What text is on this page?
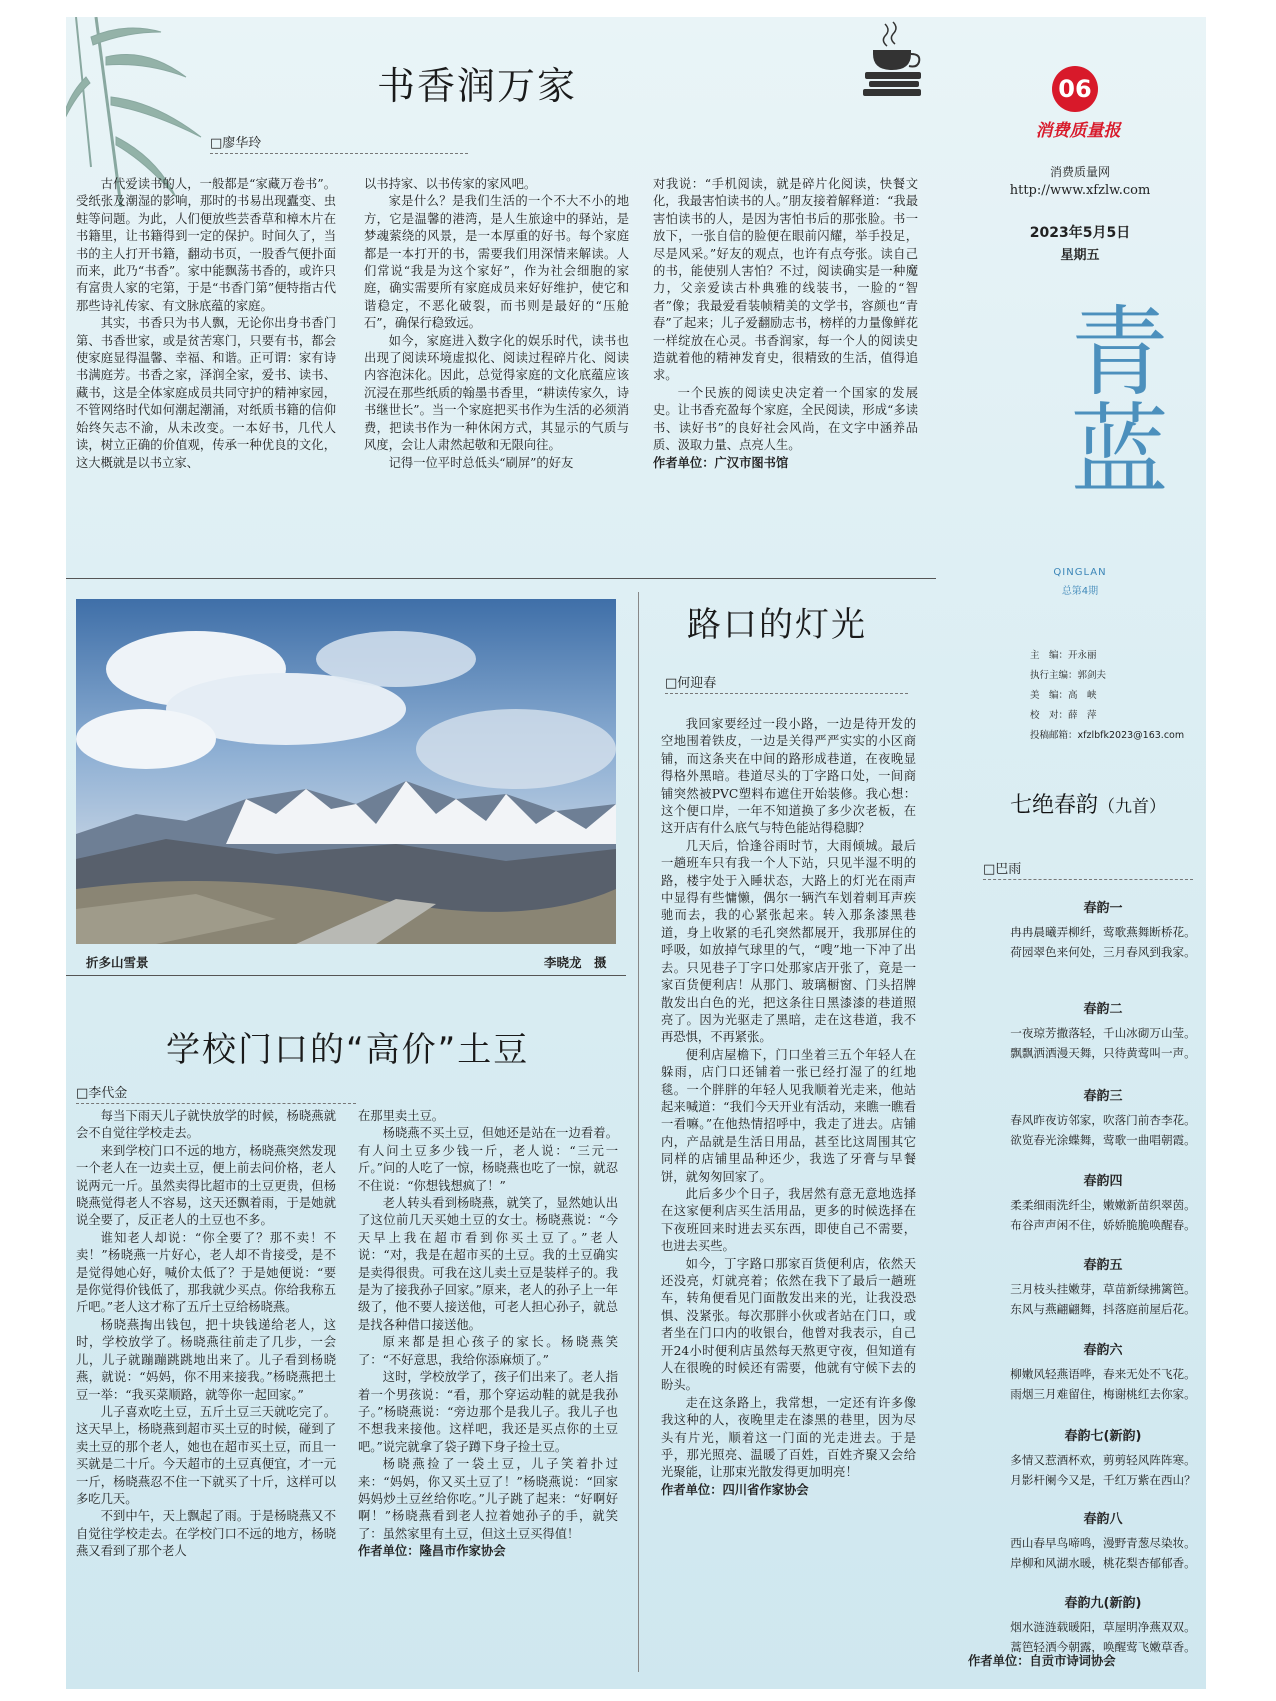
书香润万家
□廖华玲

古代爱读书的人，一般都是“家藏万卷书”。受纸张及潮湿的影响，那时的书易出现蠹变、虫蛀等问题。为此，人们便放些芸香草和樟木片在书籍里，让书籍得到一定的保护。时间久了，当书的主人打开书籍，翻动书页，一股香气便扑面而来，此乃“书香”。家中能飘荡书香的，或许只有富贵人家的宅第，于是“书香门第”便特指古代那些诗礼传家、有文脉底蕴的家庭。

其实，书香只为书人飘，无论你出身书香门第、书香世家，或是贫苦寒门，只要有书，都会使家庭显得温馨、幸福、和谐。正可谓：家有诗书满庭芳。书香之家，泽润全家，爱书、读书、藏书，这是全体家庭成员共同守护的精神家园，不管网络时代如何潮起潮涌，对纸质书籍的信仰始终矢志不渝，从未改变。一本好书，几代人读，树立正确的价值观，传承一种优良的文化，这大概就是以书立家、

以书持家、以书传家的家风吧。

家是什么？是我们生活的一个不大不小的地方，它是温馨的港湾，是人生旅途中的驿站，是梦魂萦绕的风景，是一本厚重的好书。每个家庭都是一本打开的书，需要我们用深情来解读。人们常说“我是为这个家好”，作为社会细胞的家庭，确实需要所有家庭成员来好好维护，使它和谐稳定，不恶化破裂，而书则是最好的“压舱石”，确保行稳致远。

如今，家庭进入数字化的娱乐时代，读书也出现了阅读环境虚拟化、阅读过程碎片化、阅读内容泡沫化。因此，总觉得家庭的文化底蕴应该沉浸在那些纸质的翰墨书香里，“耕读传家久，诗书继世长”。当一个家庭把买书作为生活的必须消费，把读书作为一种休闲方式，其显示的气质与风度，会让人肃然起敬和无限向往。

记得一位平时总低头“刷屏”的好友

对我说：“手机阅读，就是碎片化阅读，快餐文化，我最害怕读书的人。”朋友接着解释道：“我最害怕读书的人，是因为害怕书后的那张脸。书一放下，一张自信的脸便在眼前闪耀，举手投足，尽是风采。”好友的观点，也许有点夸张。读自己的书，能使别人害怕？不过，阅读确实是一种魔力，父亲爱读古朴典雅的线装书，一脸的“智者”像；我最爱看装帧精美的文学书，容颜也“青春”了起来；儿子爱翻励志书，榜样的力量像鲜花一样绽放在心灵。书香润家，每一个人的阅读史造就着他的精神发育史，很精致的生活，值得追求。

一个民族的阅读史决定着一个国家的发展史。让书香充盈每个家庭，全民阅读，形成“多读书、读好书”的良好社会风尚，在文字中涵养品质、汲取力量、点亮人生。

作者单位：广汉市图书馆

06
消费质量报
消费质量网
http://www.xfzlw.com
2023年5月5日
星期五
青蓝
QINGLAN
总第4期
主　编：开永丽
执行主编：郭剑夫
美　编：高　峡
校　对：薛　萍
投稿邮箱：xfzlbfk2023@163.com
折多山雪景	李晓龙　摄
路口的灯光
□何迎春

我回家要经过一段小路，一边是待开发的空地围着铁皮，一边是关得严严实实的小区商铺，而这条夹在中间的路形成巷道，在夜晚显得格外黑暗。巷道尽头的丁字路口处，一间商铺突然被PVC塑料布遮住开始装修。我心想：这个便口岸，一年不知道换了多少次老板，在这开店有什么底气与特色能站得稳脚？

几天后，恰逢谷雨时节，大雨倾城。最后一趟班车只有我一个人下站，只见半湿不明的路，楼宇处于入睡状态，大路上的灯光在雨声中显得有些慵懒，偶尔一辆汽车划着刺耳声疾驰而去，我的心紧张起来。转入那条漆黑巷道，身上收紧的毛孔突然都展开，我那屏住的呼吸，如放掉气球里的气，“嗖”地一下冲了出去。只见巷子丁字口处那家店开张了，竟是一家百货便利店！从那门、玻璃橱窗、门头招牌散发出白色的光，把这条往日黑漆漆的巷道照亮了。因为光驱走了黑暗，走在这巷道，我不再恐惧，不再紧张。

便利店屋檐下，门口坐着三五个年轻人在躲雨，店门口还铺着一张已经打湿了的红地毯。一个胖胖的年轻人见我顺着光走来，他站起来喊道：“我们今天开业有活动，来瞧一瞧看一看嘛。”在他热情招呼中，我走了进去。店铺内，产品就是生活日用品，甚至比这周围其它同样的店铺里品种还少，我选了牙膏与早餐饼，就匆匆回家了。

此后多少个日子，我居然有意无意地选择在这家便利店买生活用品，更多的时候选择在下夜班回来时进去买东西，即使自己不需要，也进去买些。

如今，丁字路口那家百货便利店，依然天还没亮，灯就亮着；依然在我下了最后一趟班车，转角便看见门面散发出来的光，让我没恐惧、没紧张。每次那胖小伙或者站在门口，或者坐在门口内的收银台，他曾对我表示，自己开24小时便利店虽然每天熬更守夜，但知道有人在很晚的时候还有需要，他就有守候下去的盼头。

走在这条路上，我常想，一定还有许多像我这种的人，夜晚里走在漆黑的巷里，因为尽头有片光，顺着这一门面的光走进去。于是乎，那光照亮、温暖了百姓，百姓齐聚又会给光聚能，让那束光散发得更加明亮！

作者单位：四川省作家协会

学校门口的“高价”土豆
□李代金

每当下雨天儿子就快放学的时候，杨晓燕就会不自觉往学校走去。

来到学校门口不远的地方，杨晓燕突然发现一个老人在一边卖土豆，便上前去问价格，老人说两元一斤。虽然卖得比超市的土豆更贵，但杨晓燕觉得老人不容易，这天还飘着雨，于是她就说全要了，反正老人的土豆也不多。

谁知老人却说：“你全要了？那不卖！不卖！”杨晓燕一片好心，老人却不肯接受，是不是觉得她心好，喊价太低了？于是她便说：“要是你觉得价钱低了，那我就少买点。你给我称五斤吧。”老人这才称了五斤土豆给杨晓燕。

杨晓燕掏出钱包，把十块钱递给老人，这时，学校放学了。杨晓燕往前走了几步，一会儿，儿子就蹦蹦跳跳地出来了。儿子看到杨晓燕，就说：“妈妈，你不用来接我。”杨晓燕把土豆一举：“我买菜顺路，就等你一起回家。”

儿子喜欢吃土豆，五斤土豆三天就吃完了。这天早上，杨晓燕到超市买土豆的时候，碰到了卖土豆的那个老人，她也在超市买土豆，而且一买就是二十斤。今天超市的土豆真便宜，才一元一斤，杨晓燕忍不住一下就买了十斤，这样可以多吃几天。

不到中午，天上飘起了雨。于是杨晓燕又不自觉往学校走去。在学校门口不远的地方，杨晓燕又看到了那个老人

在那里卖土豆。

杨晓燕不买土豆，但她还是站在一边看着。有人问土豆多少钱一斤，老人说：“三元一斤。”问的人吃了一惊，杨晓燕也吃了一惊，就忍不住说：“你想钱想疯了！”

老人转头看到杨晓燕，就笑了，显然她认出了这位前几天买她土豆的女士。杨晓燕说：“今天早上我在超市看到你买土豆了。”老人说：“对，我是在超市买的土豆。我的土豆确实是卖得很贵。可我在这儿卖土豆是装样子的。我是为了接我孙子回家。”原来，老人的孙子上一年级了，他不要人接送他，可老人担心孙子，就总是找各种借口接送他。

原来都是担心孩子的家长。杨晓燕笑了：“不好意思，我给你添麻烦了。”

这时，学校放学了，孩子们出来了。老人指着一个男孩说：“看，那个穿运动鞋的就是我孙子。”杨晓燕说：“旁边那个是我儿子。我儿子也不想我来接他。这样吧，我还是买点你的土豆吧。”说完就拿了袋子蹲下身子捡土豆。

杨晓燕捡了一袋土豆，儿子笑着扑过来：“妈妈，你又买土豆了！”杨晓燕说：“回家妈妈炒土豆丝给你吃。”儿子跳了起来：“好啊好啊！”杨晓燕看到老人拉着她孙子的手，就笑了：虽然家里有土豆，但这土豆买得值！

作者单位：隆昌市作家协会

七绝春韵（九首）
□巴雨
春韵一
冉冉晨曦弄柳纤，莺歌燕舞断桥花。
荷园翠色来何处，三月春风到我家。
春韵二
一夜琼芳撒落轻，千山冰砌万山莹。
飘飘洒洒漫天舞，只待黄莺叫一声。
春韵三
春风昨夜访邻家，吹落门前杏李花。
欲览春光涂蝶舞，莺歌一曲唱朝霞。
春韵四
柔柔细雨洗纤尘，嫩嫩新苗织翠茵。
布谷声声闲不住，娇娇脆脆唤醒春。
春韵五
三月枝头挂嫩芽，草苗新绿拂篱笆。
东风与燕翩翩舞，抖落庭前屋后花。
春韵六
柳嫩风轻燕语哗，春来无处不飞花。
雨烟三月难留住，梅谢桃红去你家。
春韵七(新韵)
多情又惹酒杯欢，剪剪轻风阵阵寒。
月影杆阑今又是，千红万紫在西山？
春韵八
西山春早鸟啼鸣，漫野青葱尽染妆。
岸柳和风湖水暖，桃花梨杏郁郁香。
春韵九(新韵)
烟水涟涟载暖阳，草屋明净燕双双。
蒿笆轻洒今朝露，唤醒莺飞嫩草香。
作者单位：自贡市诗词协会
